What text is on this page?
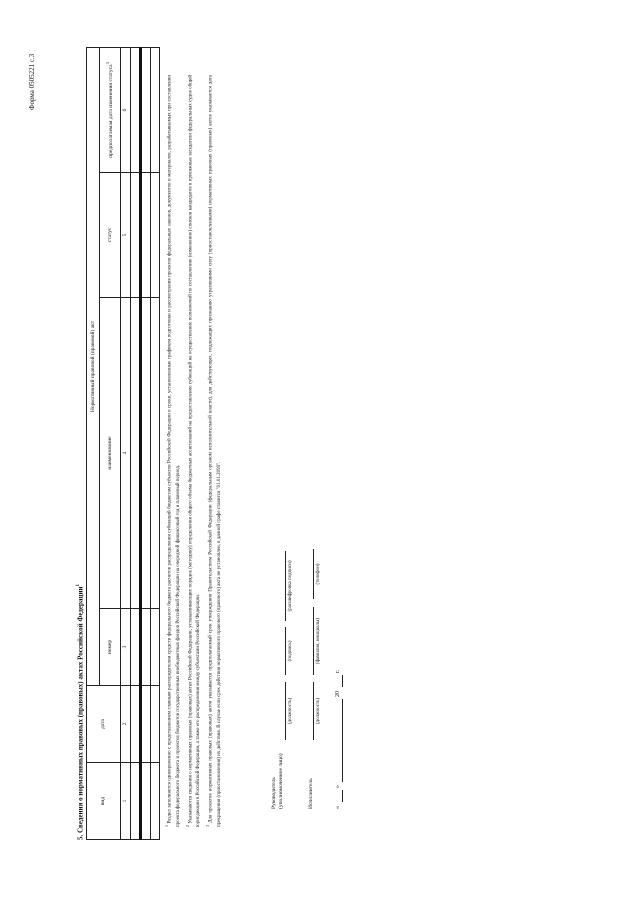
Форма 0505221 с.3
5. Сведения о нормативных правовых (правовых) актах Российской Федерации$^1$
вид	дата	Нормативный правовой (правовой) акт			
		номер	наименование	статус	предполагаемая дата изменения статуса$^3$
1	2	3	4	5	6

$^1$ Раздел заполняется одновременно с представлением главным распорядителем средств федерального бюджета расчетов распределения субвенций бюджетам субъектов Российской Федерации в сроки, установленные графиком подготовки и рассмотрения проектов федеральных законов, документов и материалов, разрабатываемых при составлении проекта федерального бюджета и проектов бюджетов государственных внебюджетных фондов Российской Федерации на очередной финансовый год и плановый период.	$^2$ Указываются сведения о нормативных правовых (правовых) актах Российской Федерации, устанавливающих порядок (методику) определения общего объема бюджетных ассигнований на предоставление субвенций на осуществление полномочий по составлению (изменению) списков кандидатов в присяжные заседатели федеральных судов общей юрисдикции в Российской Федерации, а также его распределения между субъектами Российской Федерации.	$^3$ Для проектов нормативных правовых (правовых) актов указывается предполагаемый срок утверждения Правительством Российской Федерации (федеральным органом исполнительной власти), для действующих, подлежащих признанию утратившими силу (приостановленными) нормативных правовых (правовых) актов указывается дата прекращения (приостановления) их действия. В случае если срок действия нормативного правового (правового) акта не установлен, в данной графе ставится "01.01.2099".	Руководитель (уполномоченное лицо)
(должность)
(подпись)
(расшифровка подписи)
Исполнитель
(должность)
(фамилия, инициалы)
(телефон)
«
»
20
г.
